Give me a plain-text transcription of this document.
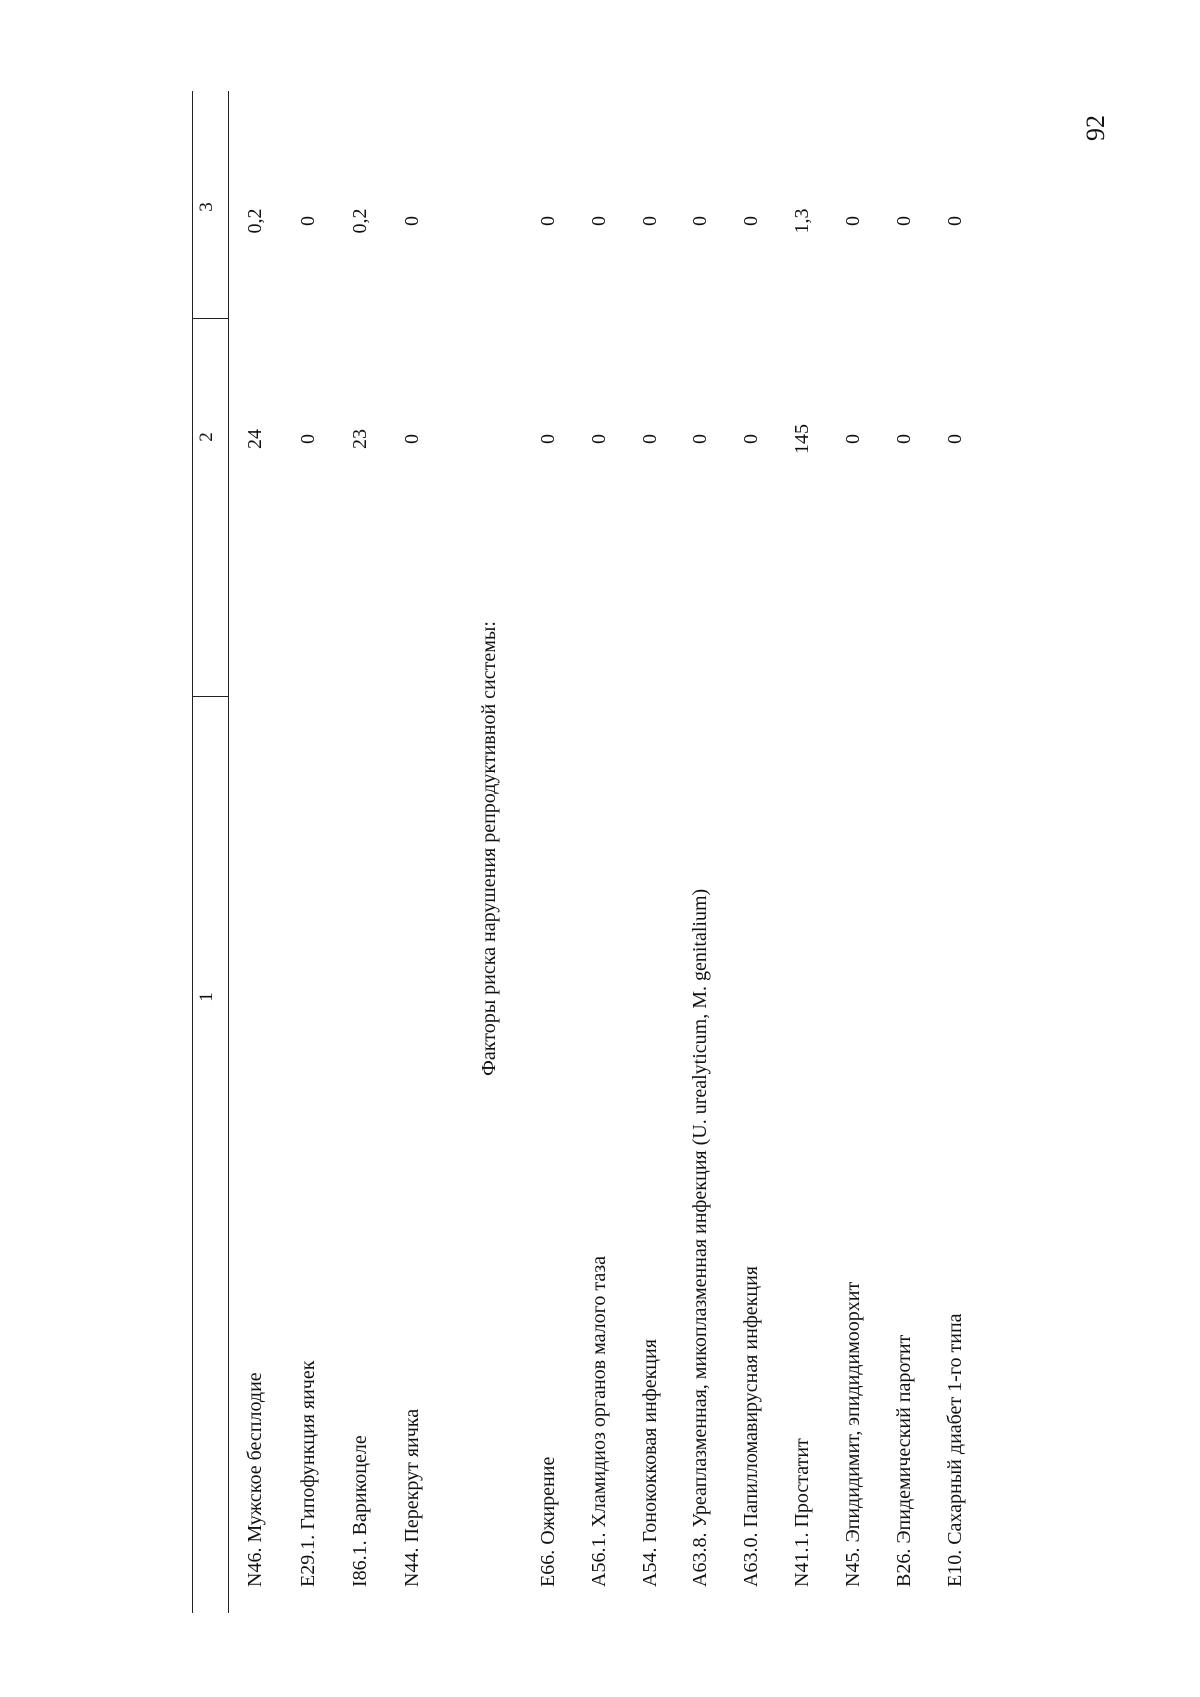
92
1
2
3
N46. Мужское бесплодие E29.1. Гипофункция яичек I86.1. Варикоцеле N44. Перекрут яичка
Факторы риска нарушения репродуктивной системы:
E66. Ожирение A56.1. Хламидиоз органов малого таза A54. Гонококковая инфекция A63.8. Уреаплазменная, микоплазменная инфекция (U. urealyticum, M. genitalium) A63.0. Папилломавирусная инфекция N41.1. Простатит N45. Эпидидимит, эпидидимоорхит B26. Эпидемический паротит E10. Сахарный диабет 1-го типа
24 0 23 0	0 0 0 0 0 145 0 0 0
0,2 0 0,2 0	0 0 0 0 0 1,3 0 0 0
